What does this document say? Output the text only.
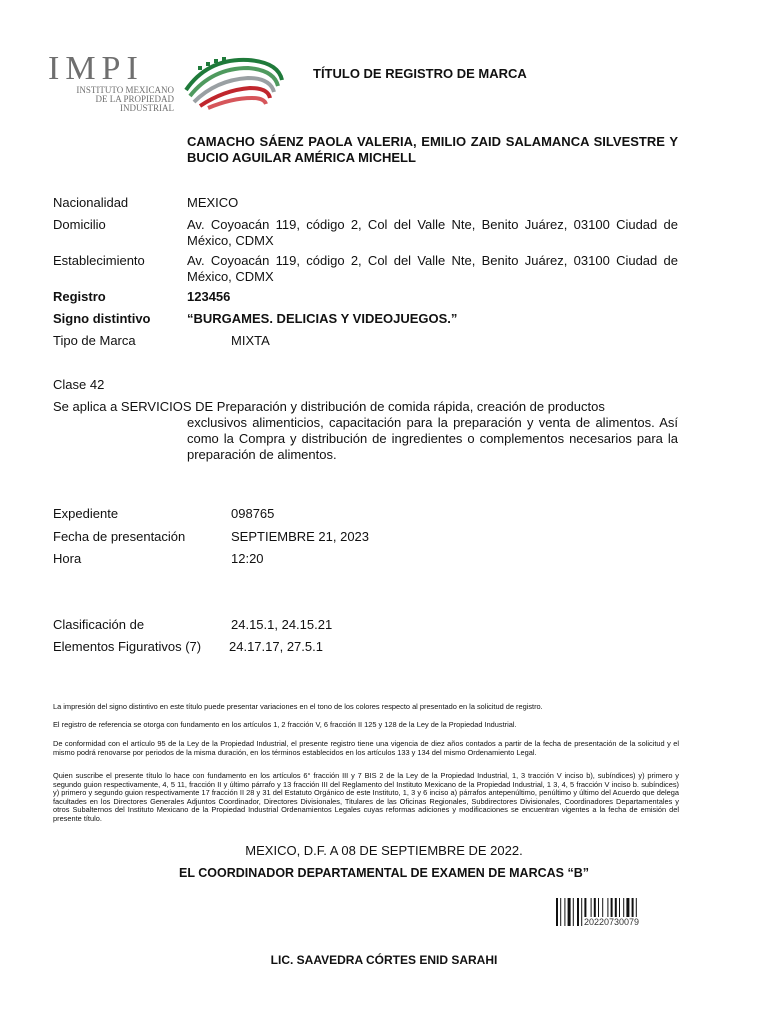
IMPI
INSTITUTO MEXICANO
DE LA PROPIEDAD
INDUSTRIAL
TÍTULO DE REGISTRO DE MARCA
CAMACHO SÁENZ PAOLA VALERIA, EMILIO ZAID SALAMANCA SILVESTRE Y BUCIO AGUILAR AMÉRICA MICHELL
Nacionalidad	MEXICO
Domicilio	Av. Coyoacán 119, código 2, Col del Valle Nte, Benito Juárez, 03100 Ciudad de México, CDMX
Establecimiento	Av. Coyoacán 119, código 2, Col del Valle Nte, Benito Juárez, 03100 Ciudad de México, CDMX
Registro	123456
Signo distintivo	“BURGAMES. DELICIAS Y VIDEOJUEGOS.”
Tipo de Marca	MIXTA
Clase 42
Se aplica a SERVICIOS DE Preparación y distribución de comida rápida, creación de productos
exclusivos alimenticios, capacitación para la preparación y venta de alimentos. Así como la Compra y distribución de ingredientes o complementos necesarios para la preparación de alimentos.
Expediente	098765
Fecha de presentación	SEPTIEMBRE 21, 2023
Hora	12:20
Clasificación de	24.15.1, 24.15.21
Elementos Figurativos (7) 24.17.17, 27.5.1
La impresión del signo distintivo en este título puede presentar variaciones en el tono de los colores respecto al presentado en la solicitud de registro.
El registro de referencia se otorga con fundamento en los artículos 1, 2 fracción V, 6 fracción II 125 y 128 de la Ley de la Propiedad Industrial.
De conformidad con el artículo 95 de la Ley de la Propiedad Industrial, el presente registro tiene una vigencia de diez años contados a partir de la fecha de presentación de la solicitud y el mismo podrá renovarse por periodos de la misma duración, en los términos establecidos en los artículos 133 y 134 del mismo Ordenamiento Legal.
Quien suscribe el presente título lo hace con fundamento en los artículos 6° fracción III y 7 BIS 2 de la Ley de la Propiedad Industrial, 1, 3 tracción V inciso b), subíndices) y) primero y segundo guion respectivamente, 4, 5 11, fracción II y último párrafo y 13 fracción III del Reglamento del Instituto Mexicano de la Propiedad Industrial, 1 3, 4, 5 fracción V inciso b. subíndices) y) primero y segundo guion respectivamente 17 fracción II 28 y 31 del Estatuto Orgánico de este Instituto, 1, 3 y 6 inciso a) párrafos antepenúltimo, penúltimo y último del Acuerdo que delega facultades en los Directores Generales Adjuntos Coordinador, Directores Divisionales, Titulares de las Oficinas Regionales, Subdirectores Divisionales, Coordinadores Departamentales y otros Subalternos del Instituto Mexicano de la Propiedad Industrial Ordenamientos Legales cuyas reformas adiciones y modificaciones se encuentran vigentes a la fecha de emisión del presente título.
MEXICO, D.F. A 08 DE SEPTIEMBRE DE 2022.
EL COORDINADOR DEPARTAMENTAL DE EXAMEN DE MARCAS “B”
20220730079
LIC. SAAVEDRA CÓRTES ENID SARAHI
